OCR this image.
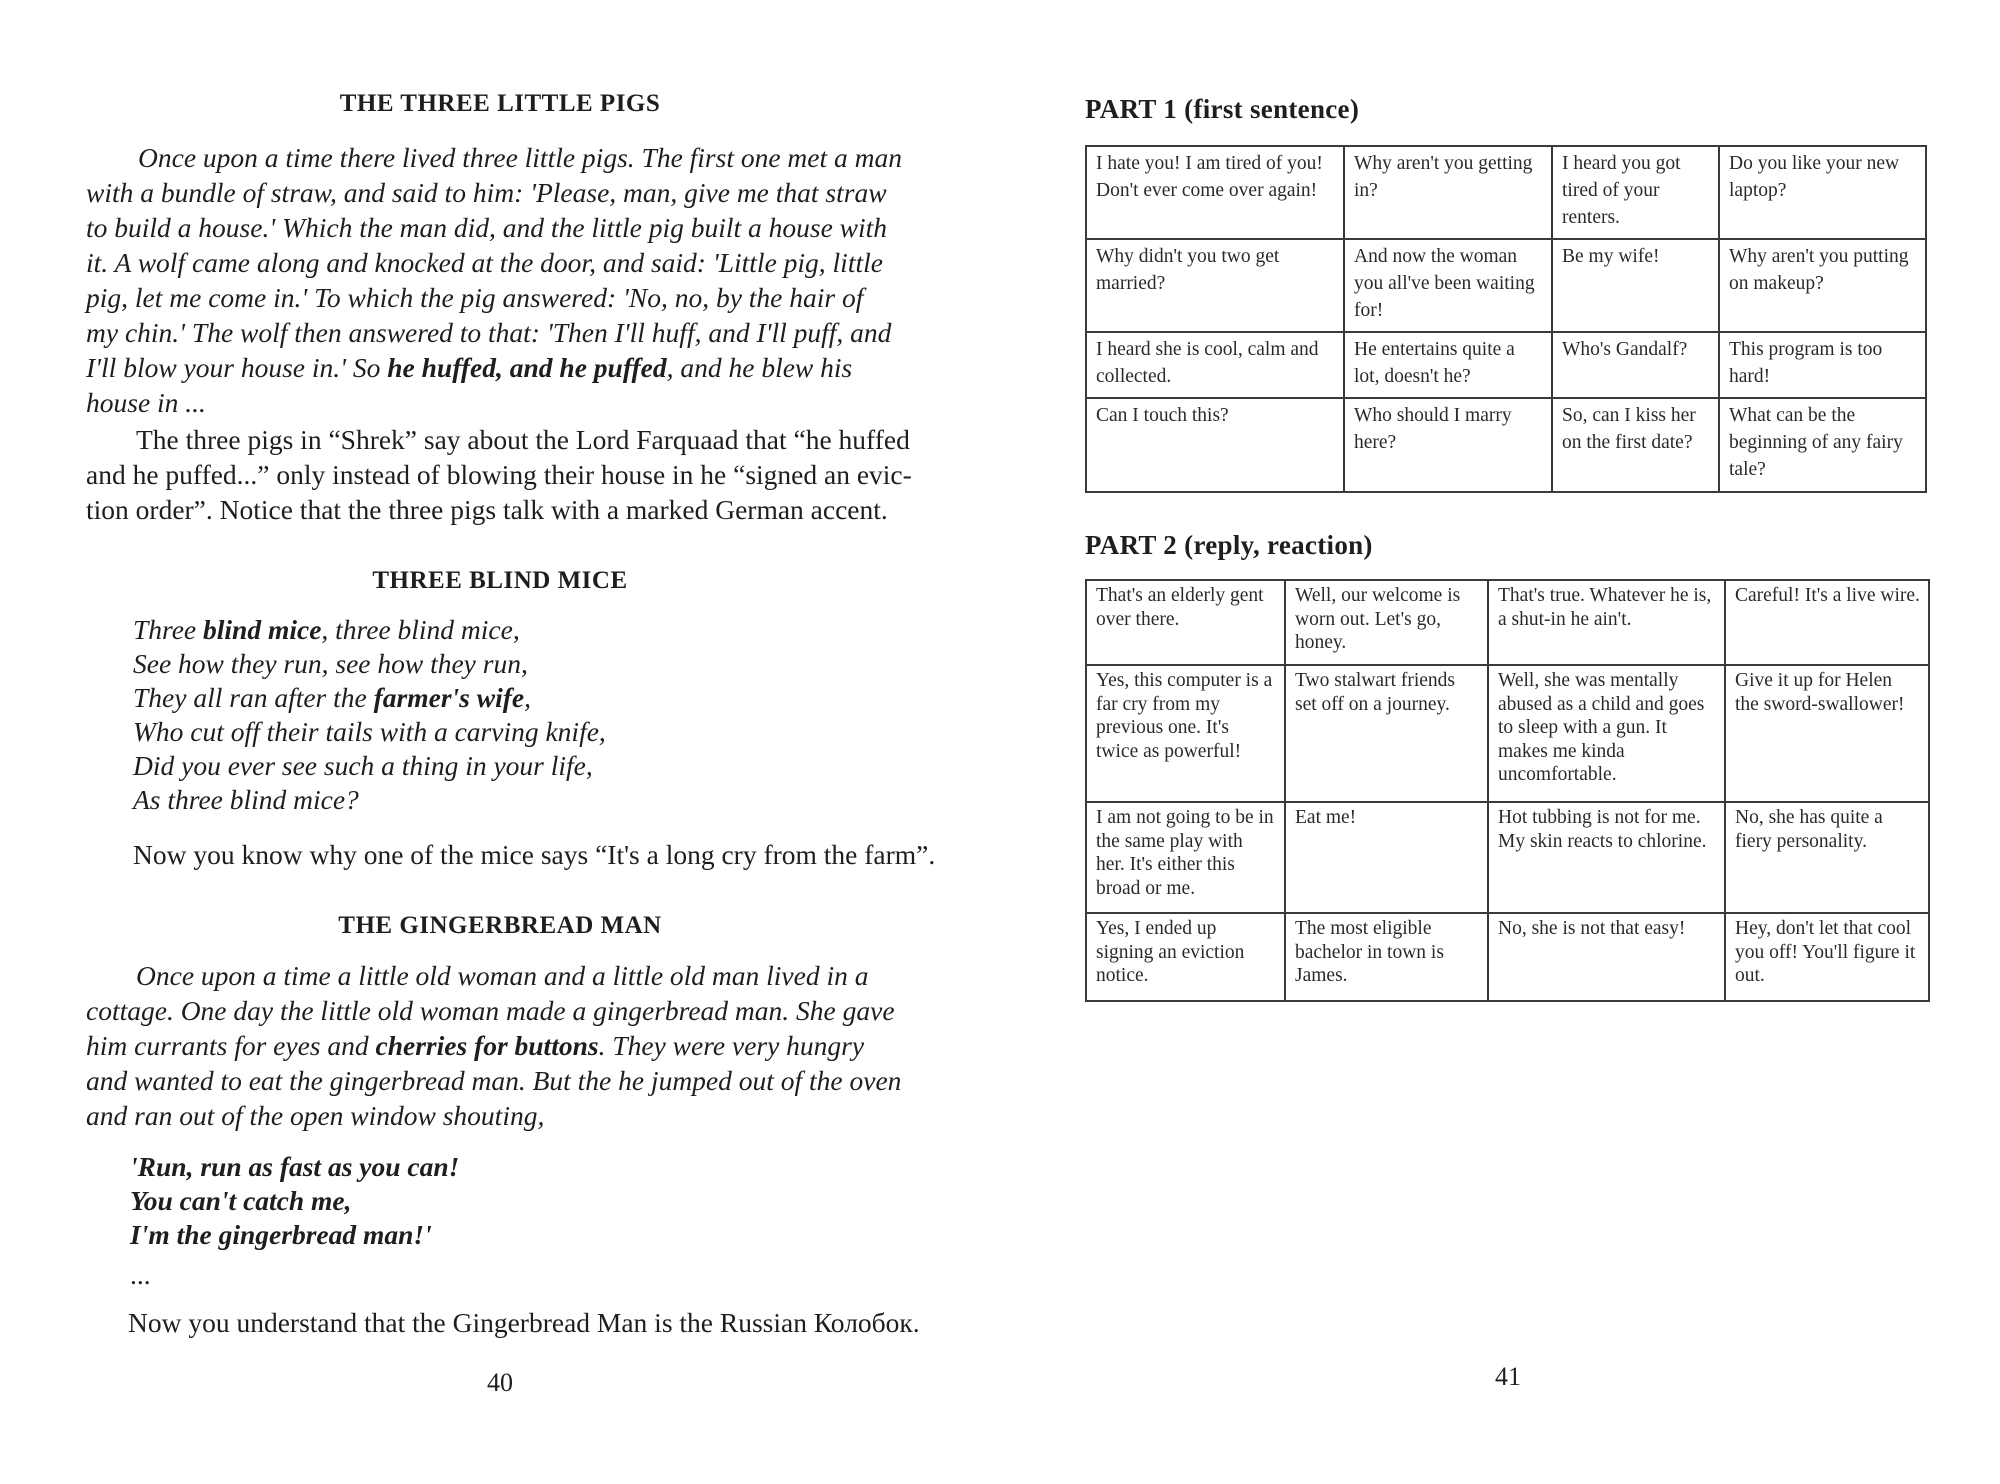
THE THREE LITTLE PIGS
Once upon a time there lived three little pigs. The first one met a man
with a bundle of straw, and said to him: 'Please, man, give me that straw
to build a house.' Which the man did, and the little pig built a house with
it. A wolf came along and knocked at the door, and said: 'Little pig, little
pig, let me come in.' To which the pig answered: 'No, no, by the hair of
my chin.' The wolf then answered to that: 'Then I'll huff, and I'll puff, and
I'll blow your house in.' So he huffed, and he puffed, and he blew his
house in ...
The three pigs in “Shrek” say about the Lord Farquaad that “he huffed
and he puffed...” only instead of blowing their house in he “signed an evic-
tion order”. Notice that the three pigs talk with a marked German accent.
THREE BLIND MICE
Three blind mice, three blind mice,
See how they run, see how they run,
They all ran after the farmer's wife,
Who cut off their tails with a carving knife,
Did you ever see such a thing in your life,
As three blind mice?
Now you know why one of the mice says “It's a long cry from the farm”.
THE GINGERBREAD MAN
Once upon a time a little old woman and a little old man lived in a
cottage. One day the little old woman made a gingerbread man. She gave
him currants for eyes and cherries for buttons. They were very hungry
and wanted to eat the gingerbread man. But the he jumped out of the oven
and ran out of the open window shouting,
'Run, run as fast as you can!
You can't catch me,
I'm the gingerbread man!'
...
Now you understand that the Gingerbread Man is the Russian Колобок.
40
PART 1 (first sentence)
I hate you! I am tired of you! Don't ever come over again!	Why aren't you getting in?	I heard you got tired of your renters.	Do you like your new laptop?
Why didn't you two get married?	And now the woman you all've been waiting for!	Be my wife!	Why aren't you putting on makeup?
I heard she is cool, calm and collected.	He entertains quite a lot, doesn't he?	Who's Gandalf?	This program is too hard!
Can I touch this?	Who should I marry here?	So, can I kiss her on the first date?	What can be the beginning of any fairy tale?
PART 2 (reply, reaction)
That's an elderly gent over there.	Well, our welcome is worn out. Let's go, honey.	That's true. Whatever he is, a shut-in he ain't.	Careful! It's a live wire.
Yes, this computer is a far cry from my previous one. It's twice as powerful!	Two stalwart friends set off on a journey.	Well, she was mentally abused as a child and goes to sleep with a gun. It makes me kinda uncomfortable.	Give it up for Helen the sword-swallower!
I am not going to be in the same play with her. It's either this broad or me.	Eat me!	Hot tubbing is not for me. My skin reacts to chlorine.	No, she has quite a fiery personality.
Yes, I ended up signing an eviction notice.	The most eligible bachelor in town is James.	No, she is not that easy!	Hey, don't let that cool you off! You'll figure it out.
41
